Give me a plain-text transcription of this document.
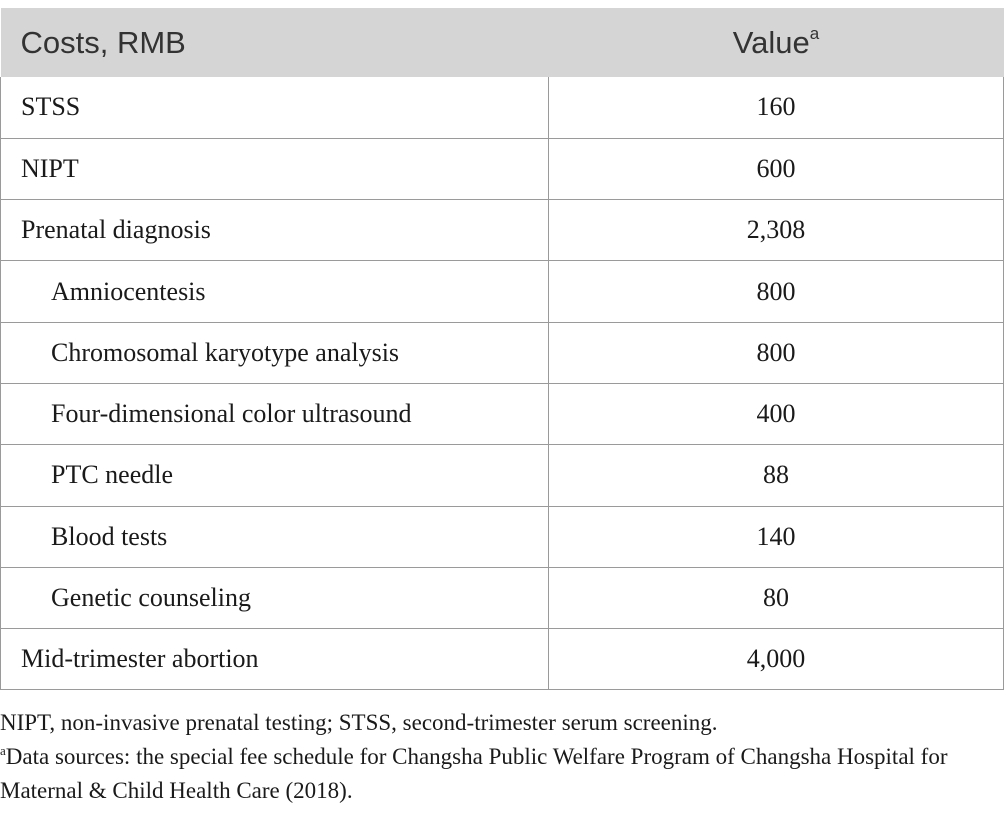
Costs, RMB	Value$^a$
STSS	160
NIPT	600
Prenatal diagnosis	2,308
Amniocentesis	800
Chromosomal karyotype analysis	800
Four-dimensional color ultrasound	400
PTC needle	88
Blood tests	140
Genetic counseling	80
Mid-trimester abortion	4,000

NIPT, non-invasive prenatal testing; STSS, second-trimester serum screening.

$^a$Data sources: the special fee schedule for Changsha Public Welfare Program of Changsha Hospital for Maternal & Child Health Care (2018).
